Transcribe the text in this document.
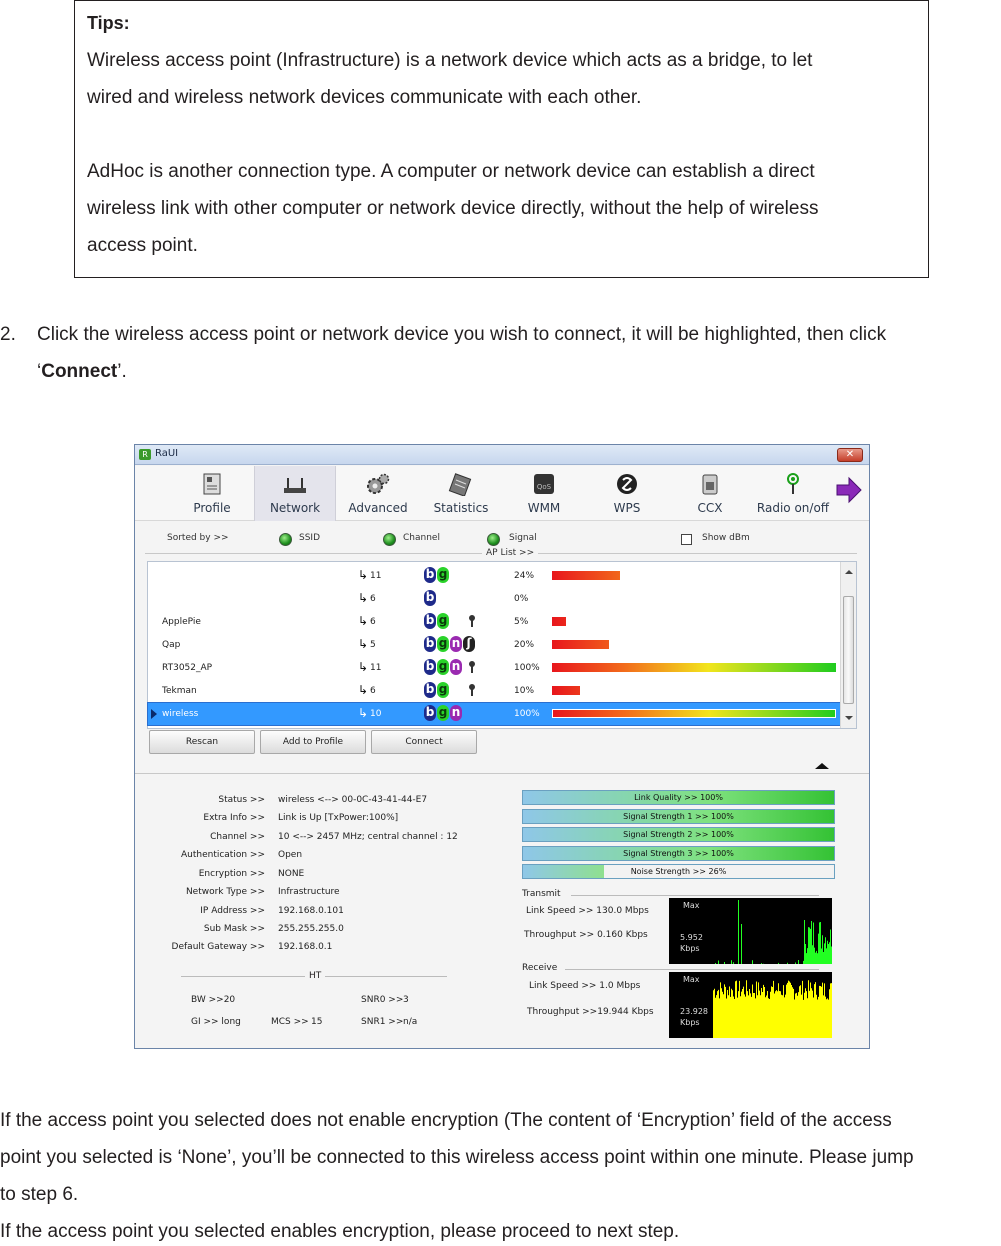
Tips:

Wireless access point (Infrastructure) is a network device which acts as a bridge, to let

wired and wireless network devices communicate with each other.

AdHoc is another connection type. A computer or network device can establish a direct

wireless link with other computer or network device directly, without the help of wireless

access point.

2. Click the wireless access point or network device you wish to connect, it will be highlighted, then click
‘Connect’.
R RaUI	✕
Profile	Network	Advanced	Statistics
QoS
WMM	WPS	CCX	Radio on/off
Sorted by >>	SSID	Channel	Signal	Show dBm
AP List >>
wireless	↳ 10	b g n	100%
Tekman	↳ 6	b g	10%
RT3052_AP	↳ 11	b g n	100%
Qap	↳ 5	b g n ʃ	20%
ApplePie	↳ 6	b g	5%
↳ 6	b	0%
↳ 11	b g	24%
Rescan	Add to Profile	Connect
Status >> wireless <--> 00-0C-43-41-44-E7
Extra Info >> Link is Up [TxPower:100%]
Channel >> 10 <--> 2457 MHz; central channel : 12
Authentication >> Open
Encryption >> NONE
Network Type >> Infrastructure
IP Address >> 192.168.0.101
Sub Mask >> 255.255.255.0
Default Gateway >> 192.168.0.1
HT
BW >>20
GI >> long	MCS >> 15
SNR0 >> 3
SNR1 >> n/a
Link Quality >> 100%
Signal Strength 1 >> 100%
Signal Strength 2 >> 100%
Signal Strength 3 >> 100%
Noise Strength >> 26%
Transmit
Link Speed >> 130.0 Mbps
Throughput >> 0.160 Kbps
Max
5.952
Kbps
Receive
Link Speed >> 1.0 Mbps
Throughput >>19.944 Kbps
Max
23.928
Kbps
If the access point you selected does not enable encryption (The content of ‘Encryption’ field of the access
point you selected is ‘None’, you’ll be connected to this wireless access point within one minute. Please jump
to step 6.
If the access point you selected enables encryption, please proceed to next step.
